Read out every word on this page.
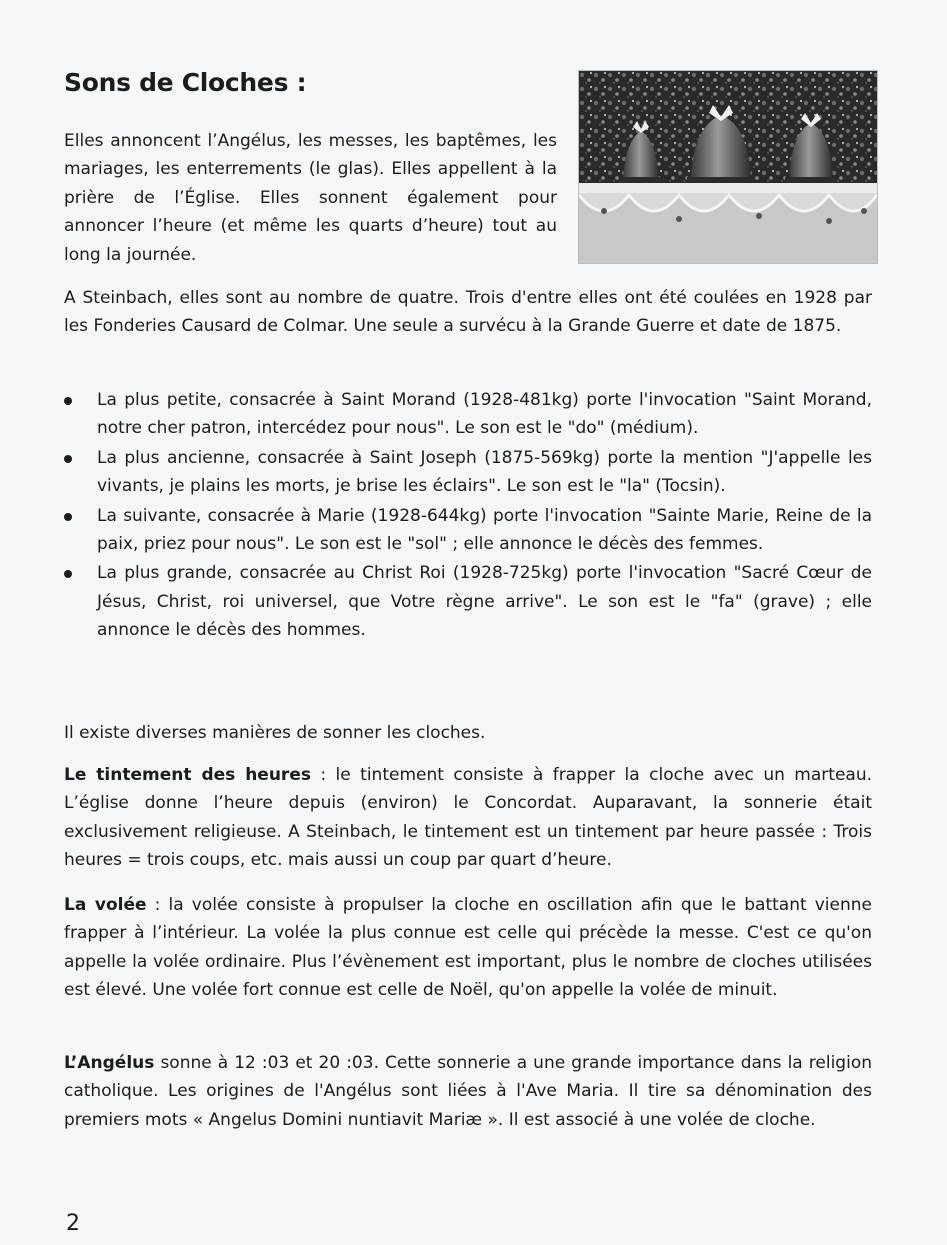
Sons de Cloches :

Elles annoncent l’Angélus, les messes, les baptêmes, les mariages, les enterrements (le glas). Elles appellent à la prière de l’Église. Elles sonnent également pour annoncer l’heure (et même les quarts d’heure) tout au long la journée.

A Steinbach, elles sont au nombre de quatre. Trois d'entre elles ont été coulées en 1928 par les Fonderies Causard de Colmar. Une seule a survécu à la Grande Guerre et date de 1875.

La plus petite, consacrée à Saint Morand (1928-481kg) porte l'invocation "Saint Morand, notre cher patron, intercédez pour nous". Le son est le "do" (médium).
La plus ancienne, consacrée à Saint Joseph (1875-569kg) porte la mention "J'appelle les vivants, je plains les morts, je brise les éclairs". Le son est le "la" (Tocsin).
La suivante, consacrée à Marie (1928-644kg) porte l'invocation "Sainte Marie, Reine de la paix, priez pour nous". Le son est le "sol" ; elle annonce le décès des femmes.
La plus grande, consacrée au Christ Roi (1928-725kg) porte l'invocation "Sacré Cœur de Jésus, Christ, roi universel, que Votre règne arrive". Le son est le "fa" (grave) ; elle annonce le décès des hommes.

Il existe diverses manières de sonner les cloches.

Le tintement des heures : le tintement consiste à frapper la cloche avec un marteau. L’église donne l’heure depuis (environ) le Concordat. Auparavant, la sonnerie était exclusivement religieuse. A Steinbach, le tintement est un tintement par heure passée : Trois heures = trois coups, etc. mais aussi un coup par quart d’heure.

La volée : la volée consiste à propulser la cloche en oscillation afin que le battant vienne frapper à l’intérieur. La volée la plus connue est celle qui précède la messe. C'est ce qu'on appelle la volée ordinaire. Plus l’évènement est important, plus le nombre de cloches utilisées est élevé. Une volée fort connue est celle de Noël, qu'on appelle la volée de minuit.

L’Angélus sonne à 12 :03 et 20 :03. Cette sonnerie a une grande importance dans la religion catholique. Les origines de l'Angélus sont liées à l'Ave Maria. Il tire sa dénomination des premiers mots « Angelus Domini nuntiavit Mariæ ». Il est associé à une volée de cloche.

2
